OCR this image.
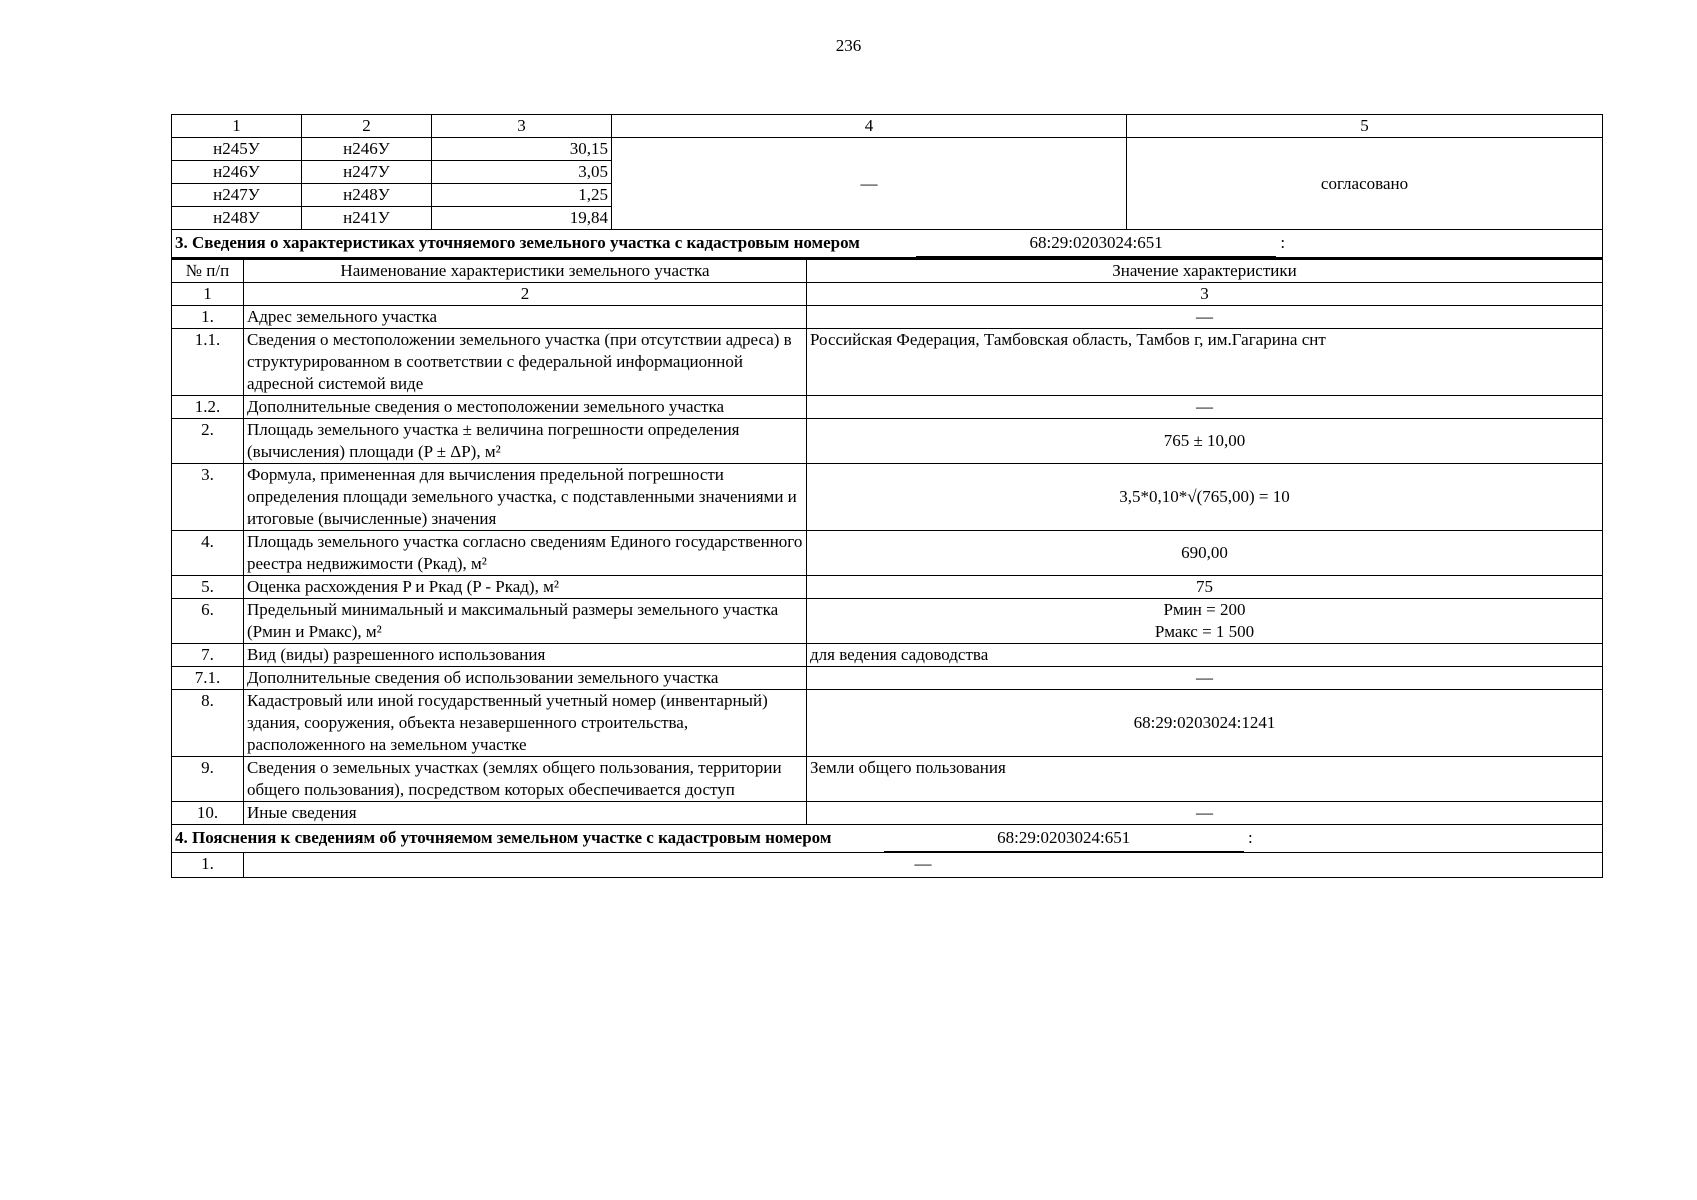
236
1	2	3	4	5
н245У	н246У	30,15	—	согласовано
н246У	н247У	3,05		
н247У	н248У	1,25		
н248У	н241У	19,84		
3. Сведения о характеристиках уточняемого земельного участка с кадастровым номером 68:29:0203024:651 :				
№ п/п	Наименование характеристики земельного участка	Значение характеристики
1	2	3
1.	Адрес земельного участка	—
1.1.	Сведения о местоположении земельного участка (при отсутствии адреса) в структурированном в соответствии с федеральной информационной адресной системой виде	Российская Федерация, Тамбовская область, Тамбов г, им.Гагарина снт
1.2.	Дополнительные сведения о местоположении земельного участка	—
2.	Площадь земельного участка ± величина погрешности определения (вычисления) площади (P ± ΔP), м²	765 ± 10,00
3.	Формула, примененная для вычисления предельной погрешности определения площади земельного участка, с подставленными значениями и итоговые (вычисленные) значения	3,5*0,10*√(765,00) = 10
4.	Площадь земельного участка согласно сведениям Единого государственного реестра недвижимости (Ркад), м²	690,00
5.	Оценка расхождения P и Ркад (P - Ркад), м²	75
6.	Предельный минимальный и максимальный размеры земельного участка (Рмин и Рмакс), м²	Рмин = 200
Рмакс = 1 500

7.	Вид (виды) разрешенного использования	для ведения садоводства
7.1.	Дополнительные сведения об использовании земельного участка	—
8.	Кадастровый или иной государственный учетный номер (инвентарный) здания, сооружения, объекта незавершенного строительства, расположенного на земельном участке	68:29:0203024:1241
9.	Сведения о земельных участках (землях общего пользования, территории общего пользования), посредством которых обеспечивается доступ	Земли общего пользования
10.	Иные сведения	—
4. Пояснения к сведениям об уточняемом земельном участке с кадастровым номером 68:29:0203024:651 :		
1.	—	
